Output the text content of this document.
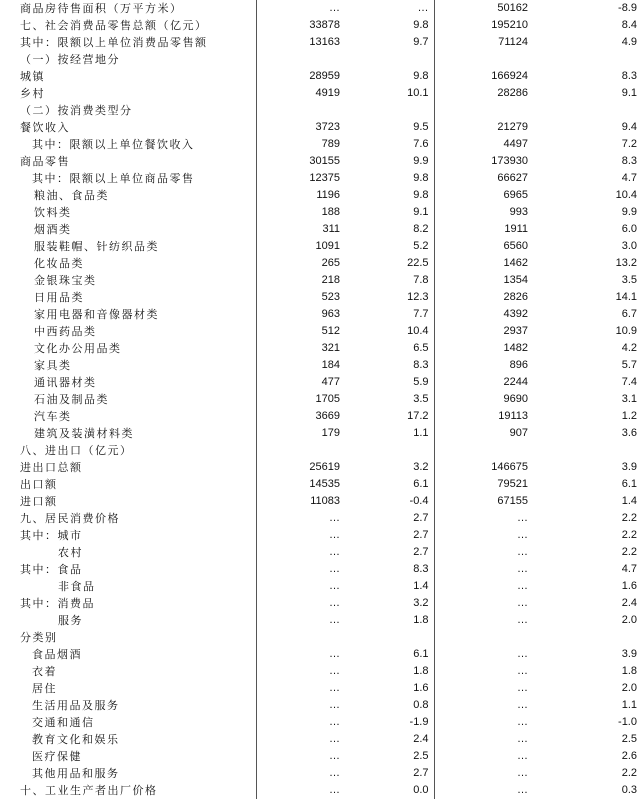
商品房待售面积（万平方米）	…	…	50162	-8.9
七、社会消费品零售总额（亿元）	33878	9.8	195210	8.4
其中：限额以上单位消费品零售额	13163	9.7	71124	4.9
（一）按经营地分				
城镇	28959	9.8	166924	8.3
乡村	4919	10.1	28286	9.1
（二）按消费类型分				
餐饮收入	3723	9.5	21279	9.4
其中：限额以上单位餐饮收入	789	7.6	4497	7.2
商品零售	30155	9.9	173930	8.3
其中：限额以上单位商品零售	12375	9.8	66627	4.7
粮油、食品类	1196	9.8	6965	10.4
饮料类	188	9.1	993	9.9
烟酒类	311	8.2	1911	6.0
服装鞋帽、针纺织品类	1091	5.2	6560	3.0
化妆品类	265	22.5	1462	13.2
金银珠宝类	218	7.8	1354	3.5
日用品类	523	12.3	2826	14.1
家用电器和音像器材类	963	7.7	4392	6.7
中西药品类	512	10.4	2937	10.9
文化办公用品类	321	6.5	1482	4.2
家具类	184	8.3	896	5.7
通讯器材类	477	5.9	2244	7.4
石油及制品类	1705	3.5	9690	3.1
汽车类	3669	17.2	19113	1.2
建筑及装潢材料类	179	1.1	907	3.6
八、进出口（亿元）				
进出口总额	25619	3.2	146675	3.9
出口额	14535	6.1	79521	6.1
进口额	11083	-0.4	67155	1.4
九、居民消费价格	…	2.7	…	2.2
其中：城市	…	2.7	…	2.2
农村	…	2.7	…	2.2
其中：食品	…	8.3	…	4.7
非食品	…	1.4	…	1.6
其中：消费品	…	3.2	…	2.4
服务	…	1.8	…	2.0
分类别				
食品烟酒	…	6.1	…	3.9
衣着	…	1.8	…	1.8
居住	…	1.6	…	2.0
生活用品及服务	…	0.8	…	1.1
交通和通信	…	-1.9	…	-1.0
教育文化和娱乐	…	2.4	…	2.5
医疗保健	…	2.5	…	2.6
其他用品和服务	…	2.7	…	2.2
十、工业生产者出厂价格	…	0.0	…	0.3
